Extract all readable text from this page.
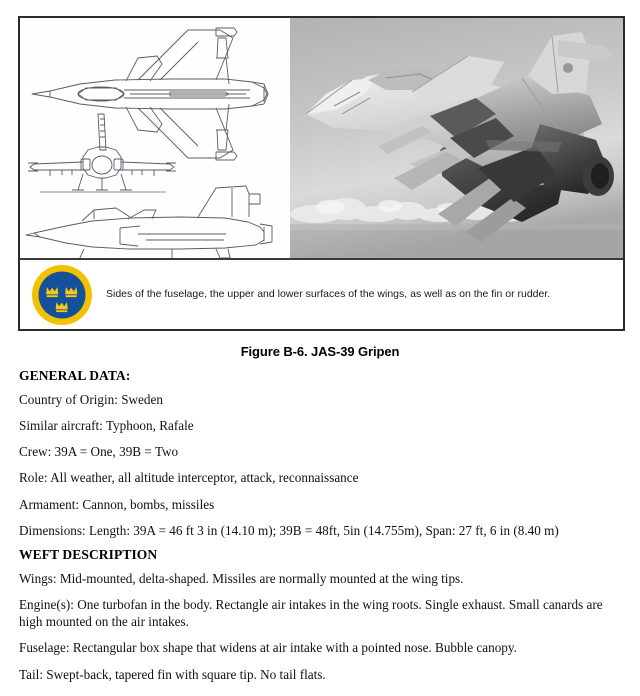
Sides of the fuselage, the upper and lower surfaces of the wings, as well as on the fin or rudder.
Figure B-6. JAS-39 Gripen
GENERAL DATA:

Country of Origin: Sweden

Similar aircraft: Typhoon, Rafale

Crew: 39A = One, 39B = Two

Role: All weather, all altitude interceptor, attack, reconnaissance

Armament: Cannon, bombs, missiles

Dimensions: Length: 39A = 46 ft 3 in (14.10 m); 39B = 48ft, 5in (14.755m), Span: 27 ft, 6 in (8.40 m)

WEFT DESCRIPTION

Wings: Mid-mounted, delta-shaped. Missiles are normally mounted at the wing tips.

Engine(s): One turbofan in the body. Rectangle air intakes in the wing roots. Single exhaust. Small canards are high mounted on the air intakes.

Fuselage: Rectangular box shape that widens at air intake with a pointed nose. Bubble canopy.

Tail: Swept-back, tapered fin with square tip. No tail flats.
